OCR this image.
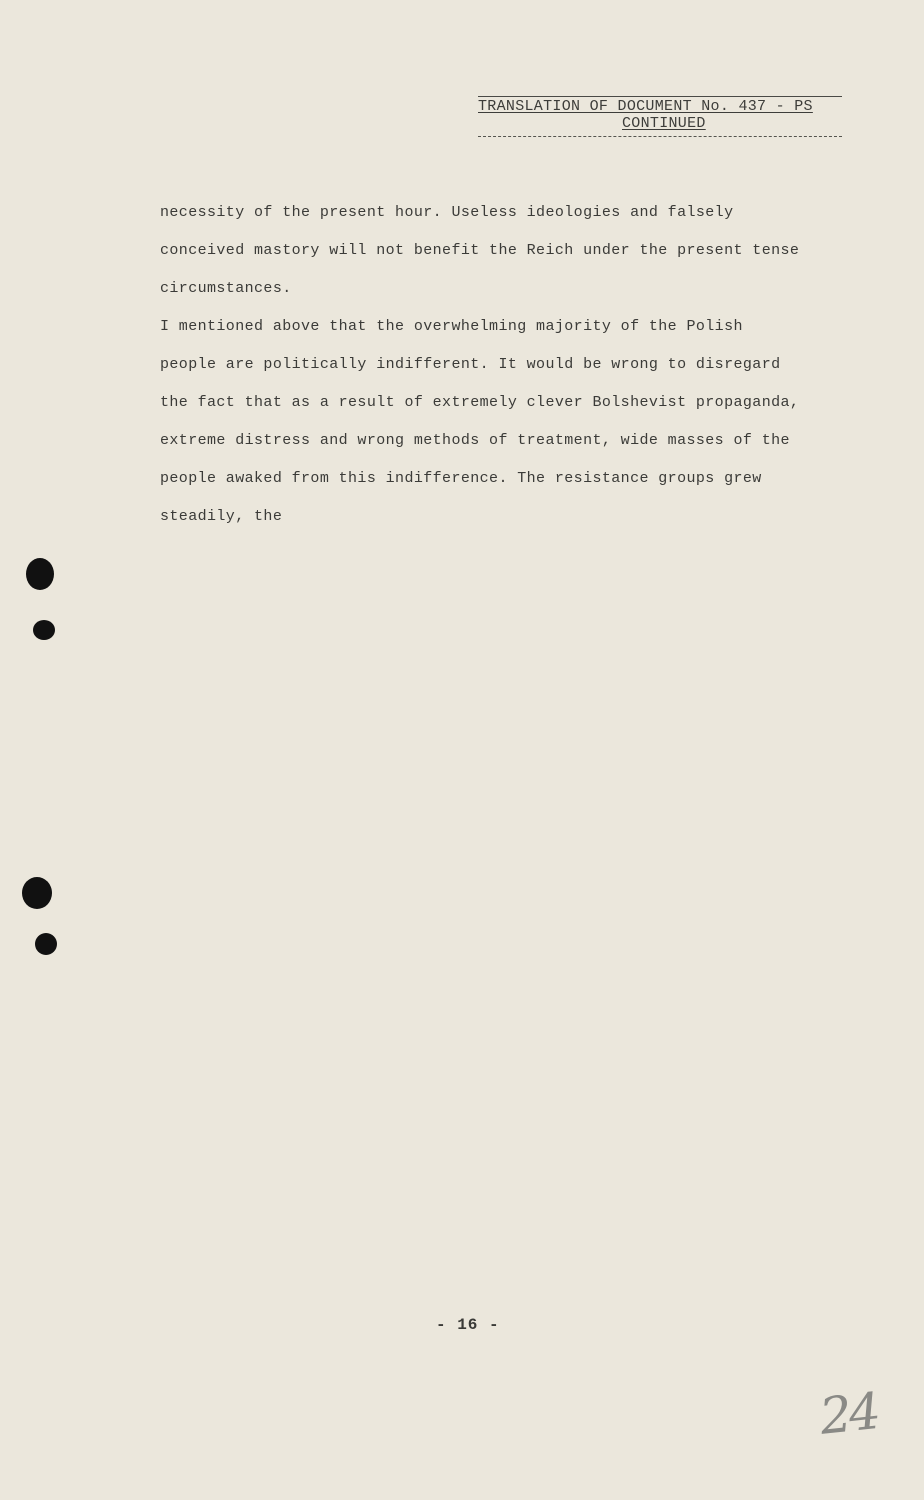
TRANSLATION OF DOCUMENT No. 437 - PS
CONTINUED

necessity of the present hour. Useless ideologies and falsely

conceived mastory will not benefit the Reich under the present tense

circumstances.

I mentioned above that the overwhelming majority of the Polish

people are politically indifferent. It would be wrong to disregard

the fact that as a result of extremely clever Bolshevist propaganda,

extreme distress and wrong methods of treatment, wide masses of the

people awaked from this indifference. The resistance groups grew

steadily, the

- 16 -
24
